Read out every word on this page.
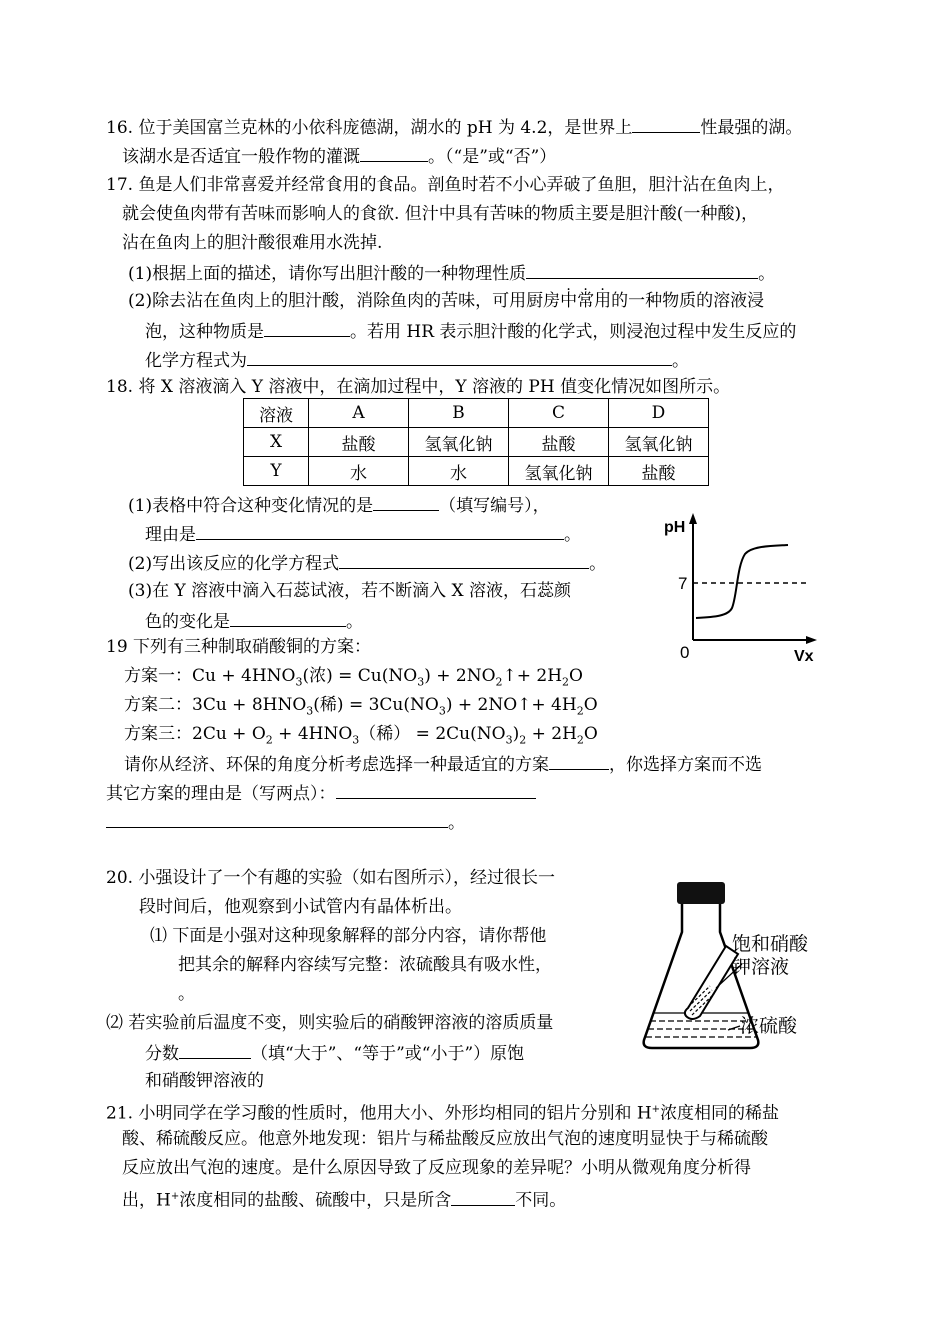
16. 位于美国富兰克林的小依科庞德湖，湖水的 pH 为 4.2，是世界上	性最强的湖。
该湖水是否适宜一般作物的灌溉	。（“是”或“否”）
17. 鱼是人们非常喜爱并经常食用的食品。剖鱼时若不小心弄破了鱼胆，胆汁沾在鱼肉上，
就会使鱼肉带有苦味而影响人的食欲. 但汁中具有苦味的物质主要是胆汁酸(一种酸)，
沾在鱼肉上的胆汁酸很难用水洗掉.
(1)根据上面的描述，请你写出胆汁酸的一种物理性质	。
(2)除去沾在鱼肉上的胆汁酸，消除鱼肉的苦味，可用厨房中常用的一种物质的溶液浸
泡，这种物质是	。若用 HR 表示胆汁酸的化学式，则浸泡过程中发生反应的
化学方程式为	。
18. 将 X 溶液滴入 Y 溶液中，在滴加过程中，Y 溶液的 PH 值变化情况如图所示。
溶液	A	B	C	D
X	盐酸	氢氧化钠	盐酸	氢氧化钠
Y	水	水	氢氧化钠	盐酸
(1)表格中符合这种变化情况的是	（填写编号），
理由是	。
(2)写出该反应的化学方程式	。
(3)在 Y 溶液中滴入石蕊试液，若不断滴入 X 溶液，石蕊颜
色的变化是	。
pH
7
0	Vx
19 下列有三种制取硝酸铜的方案：
方案一：$Cu + 4HNO_3$(浓) = $Cu(NO_3)$ + $2NO_2↑+ 2H_2O$
方案二：$3Cu + 8HNO_3$(稀) = $3Cu(NO_3)$ + 2NO↑+ $4H_2O$
方案三：$2Cu + O_2 + 4HNO_3$（稀） = $2Cu(NO_3)_2 + 2H_2O$
请你从经济、环保的角度分析考虑选择一种最适宜的方案	，你选择方案而不选
其它方案的理由是（写两点）：
。
20. 小强设计了一个有趣的实验（如右图所示），经过很长一
段时间后，他观察到小试管内有晶体析出。
⑴ 下面是小强对这种现象解释的部分内容，请你帮他
把其余的解释内容续写完整：浓硫酸具有吸水性，
。
⑵ 若实验前后温度不变，则实验后的硝酸钾溶液的溶质质量
分数	（填“大于”、“等于”或“小于”）原饱
和硝酸钾溶液的
饱和硝酸
钾溶液
浓硫酸
21. 小明同学在学习酸的性质时，他用大小、外形均相同的铝片分别和 H+浓度相同的稀盐
酸、稀硫酸反应。他意外地发现：铝片与稀盐酸反应放出气泡的速度明显快于与稀硫酸
反应放出气泡的速度。是什么原因导致了反应现象的差异呢？小明从微观角度分析得
出，H+浓度相同的盐酸、硫酸中，只是所含	不同。
